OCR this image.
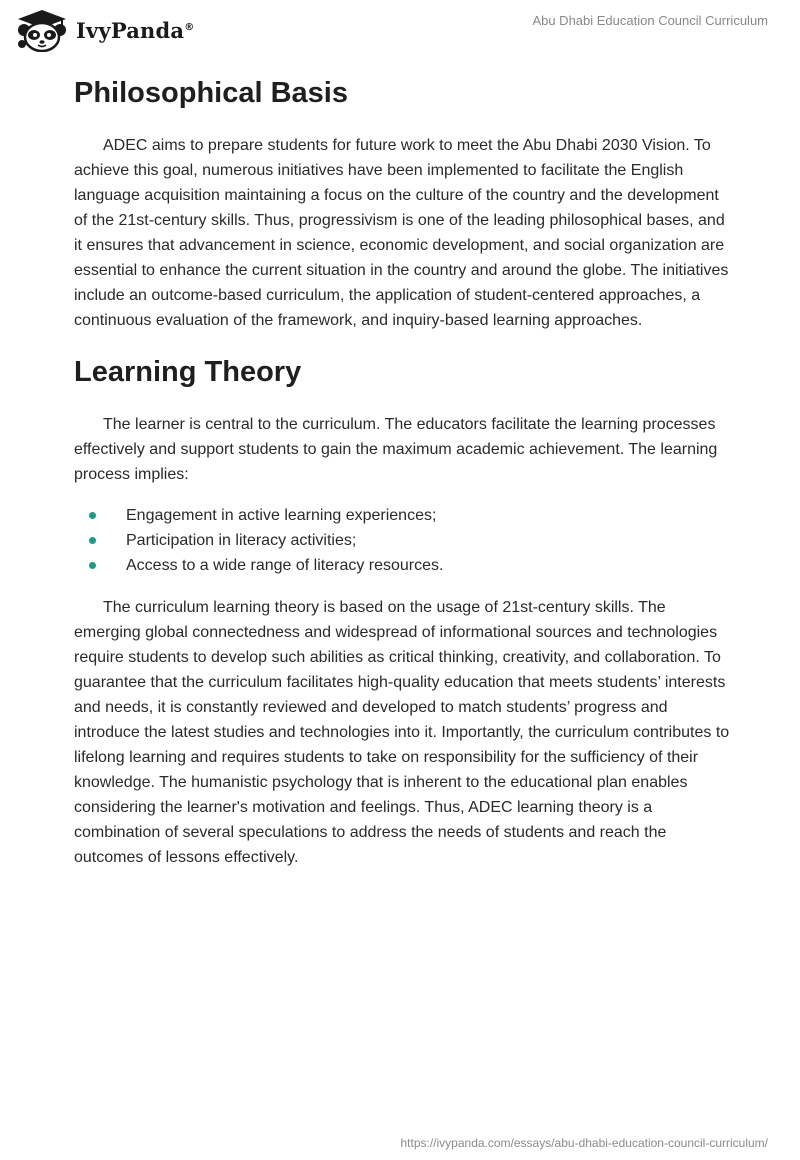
IvyPanda®	Abu Dhabi Education Council Curriculum
Philosophical Basis

ADEC aims to prepare students for future work to meet the Abu Dhabi 2030 Vision. To achieve this goal, numerous initiatives have been implemented to facilitate the English language acquisition maintaining a focus on the culture of the country and the development of the 21st-century skills. Thus, progressivism is one of the leading philosophical bases, and it ensures that advancement in science, economic development, and social organization are essential to enhance the current situation in the country and around the globe. The initiatives include an outcome-based curriculum, the application of student-centered approaches, a continuous evaluation of the framework, and inquiry-based learning approaches.

Learning Theory

The learner is central to the curriculum. The educators facilitate the learning processes effectively and support students to gain the maximum academic achievement. The learning process implies:

Engagement in active learning experiences;
Participation in literacy activities;
Access to a wide range of literacy resources.

The curriculum learning theory is based on the usage of 21st-century skills. The emerging global connectedness and widespread of informational sources and technologies require students to develop such abilities as critical thinking, creativity, and collaboration. To guarantee that the curriculum facilitates high-quality education that meets students’ interests and needs, it is constantly reviewed and developed to match students’ progress and introduce the latest studies and technologies into it. Importantly, the curriculum contributes to lifelong learning and requires students to take on responsibility for the sufficiency of their knowledge. The humanistic psychology that is inherent to the educational plan enables considering the learner's motivation and feelings. Thus, ADEC learning theory is a combination of several speculations to address the needs of students and reach the outcomes of lessons effectively.

https://ivypanda.com/essays/abu-dhabi-education-council-curriculum/
